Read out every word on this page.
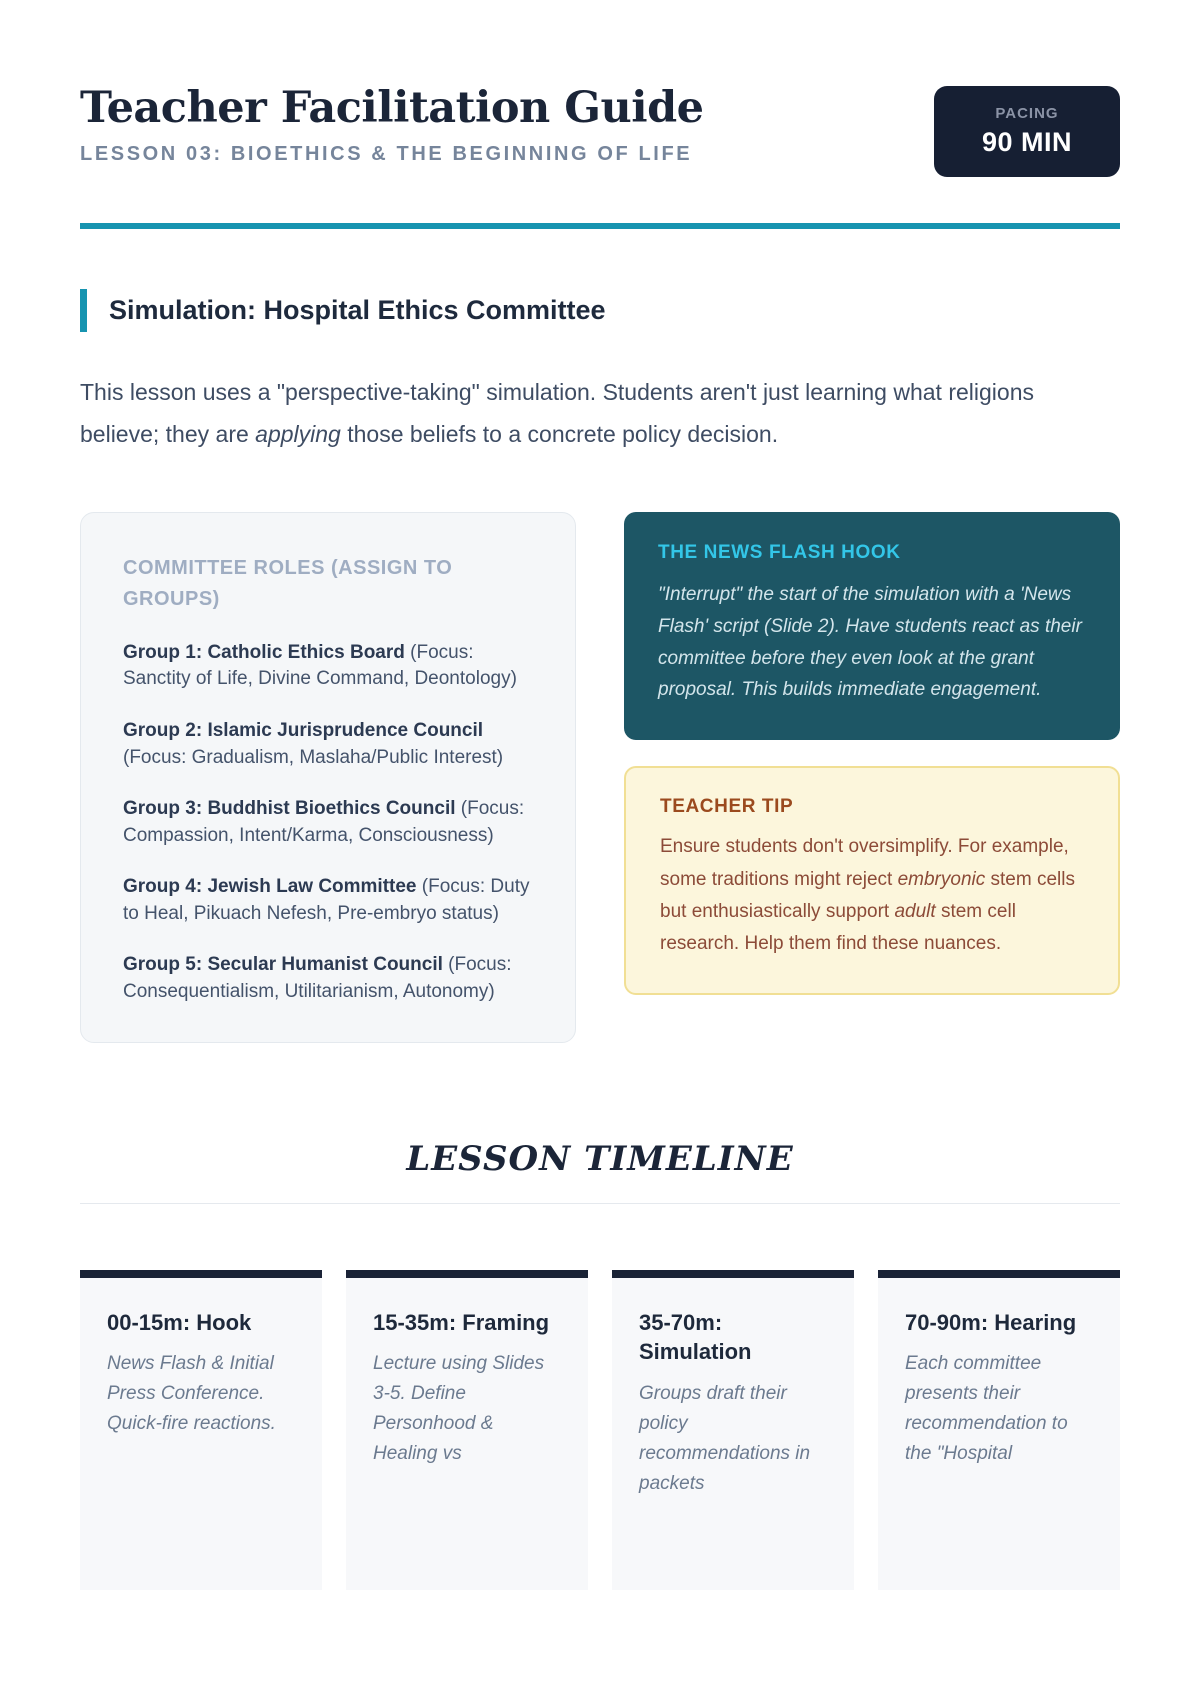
Teacher Facilitation Guide
LESSON 03: BIOETHICS & THE BEGINNING OF LIFE
PACING
90 MIN
Simulation: Hospital Ethics Committee

This lesson uses a "perspective-taking" simulation. Students aren't just learning what religions believe; they are applying those beliefs to a concrete policy decision.

COMMITTEE ROLES (ASSIGN TO GROUPS)
Group 1: Catholic Ethics Board (Focus: Sanctity of Life, Divine Command, Deontology)
Group 2: Islamic Jurisprudence Council (Focus: Gradualism, Maslaha/Public Interest)
Group 3: Buddhist Bioethics Council (Focus: Compassion, Intent/Karma, Consciousness)
Group 4: Jewish Law Committee (Focus: Duty to Heal, Pikuach Nefesh, Pre-embryo status)
Group 5: Secular Humanist Council (Focus: Consequentialism, Utilitarianism, Autonomy)
THE NEWS FLASH HOOK
"Interrupt" the start of the simulation with a 'News Flash' script (Slide 2). Have students react as their committee before they even look at the grant proposal. This builds immediate engagement.
TEACHER TIP
Ensure students don't oversimplify. For example, some traditions might reject embryonic stem cells but enthusiastically support adult stem cell research. Help them find these nuances.
LESSON TIMELINE
00-15m: Hook
News Flash & Initial Press Conference. Quick-fire reactions.
15-35m: Framing
Lecture using Slides 3-5. Define Personhood & Healing vs
35-70m: Simulation
Groups draft their policy recommendations in packets
70-90m: Hearing
Each committee presents their recommendation to the "Hospital
